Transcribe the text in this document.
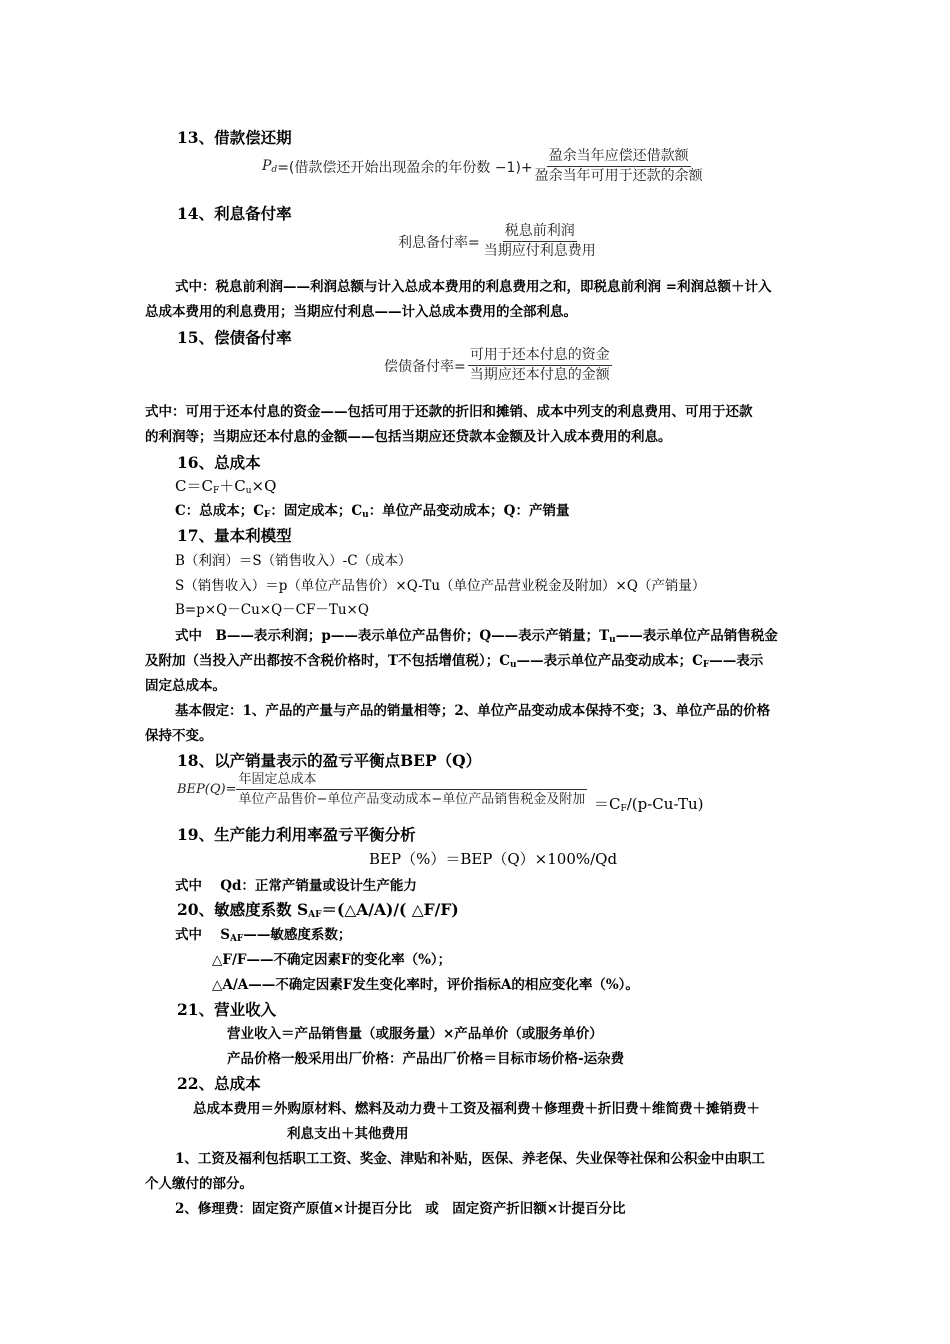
13、借款偿还期
$P_d$ =(借款偿还开始出现盈余的年份数 $-1)+ \frac{\text{盈余当年应偿还借款额}}{\text{盈余当年可用于还款的余额}}$
14、利息备付率
利息备付率= $\frac{\text{税息前利润}}{\text{当期应付利息费用}}$
式中：税息前利润——利润总额与计入总成本费用的利息费用之和，即税息前利润 =利润总额＋计入
总成本费用的利息费用；当期应付利息——计入总成本费用的全部利息。
15、偿债备付率
偿债备付率= $\frac{\text{可用于还本付息的资金}}{\text{当期应还本付息的金额}}$
式中：可用于还本付息的资金——包括可用于还款的折旧和摊销、成本中列支的利息费用、可用于还款
的利润等；当期应还本付息的金额——包括当期应还贷款本金额及计入成本费用的利息。
16、总成本
$C=C_F+C_u\times Q$
C：总成本；$C_F$：固定成本；$C_u$：单位产品变动成本；Q：产销量
17、量本利模型
B（利润）＝S（销售收入）-C（成本）
S（销售收入）＝p（单位产品售价）×Q-Tu（单位产品营业税金及附加）×Q（产销量）
B=p×Q－Cu×Q－CF－Tu×Q
式中　B——表示利润；p——表示单位产品售价；Q——表示产销量；$T_u——$表示单位产品销售税金
及附加（当投入产出都按不含税价格时，T不包括增值税）；$C_u——$表示单位产品变动成本；$C_F——$表示
固定总成本。
基本假定：1、产品的产量与产品的销量相等；2、单位产品变动成本保持不变；3、单位产品的价格
保持不变。
18、以产销量表示的盈亏平衡点BEP（Q）
$BEP(Q)= \frac{\text{年固定总成本}}{\text{单位产品售价−单位产品变动成本−单位产品销售税金及附加}} =C_F/(p-Cu-Tu)$
19、生产能力利用率盈亏平衡分析
BEP（%）＝BEP（Q）×100%/Qd
式中　 Qd：正常产销量或设计生产能力
20、敏感度系数 $S_{AF}=(\triangle A/A)/$( △F/F)
式中　 $S_{AF}——$敏感度系数；
△F/F——不确定因素F的变化率（%）；
△A/A——不确定因素F发生变化率时，评价指标A的相应变化率（%）。
21、营业收入
营业收入＝产品销售量（或服务量）×产品单价（或服务单价）
产品价格一般采用出厂价格：产品出厂价格＝目标市场价格-运杂费
22、总成本
总成本费用＝外购原材料、燃料及动力费＋工资及福利费＋修理费＋折旧费＋维简费＋摊销费＋
利息支出＋其他费用
1、工资及福利包括职工工资、奖金、津贴和补贴，医保、养老保、失业保等社保和公积金中由职工
个人缴付的部分。
2、修理费：固定资产原值×计提百分比　或　固定资产折旧额×计提百分比
